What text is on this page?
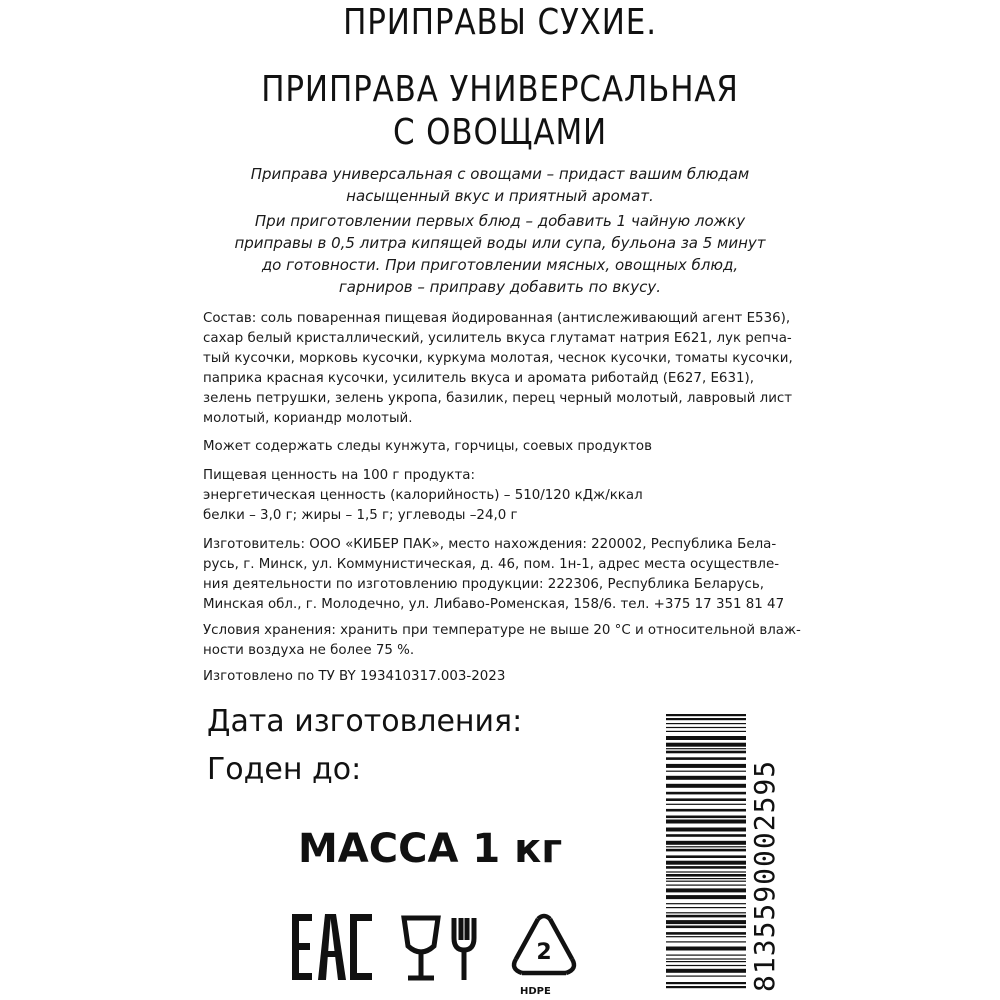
ПРИПРАВЫ СУХИЕ.
ПРИПРАВА УНИВЕРСАЛЬНАЯ
С ОВОЩАМИ

Приправа универсальная с овощами – придаст вашим блюдам
насыщенный вкус и приятный аромат.

При приготовлении первых блюд – добавить 1 чайную ложку
приправы в 0,5 литра кипящей воды или супа, бульона за 5 минут
до готовности. При приготовлении мясных, овощных блюд,
гарниров – приправу добавить по вкусу.

Состав: соль поваренная пищевая йодированная (антислеживающий агент Е536),
сахар белый кристаллический, усилитель вкуса глутамат натрия Е621, лук репча-
тый кусочки, морковь кусочки, куркума молотая, чеснок кусочки, томаты кусочки,
паприка красная кусочки, усилитель вкуса и аромата риботайд (Е627, Е631),
зелень петрушки, зелень укропа, базилик, перец черный молотый, лавровый лист
молотый, кориандр молотый.
Может содержать следы кунжута, горчицы, соевых продуктов
Пищевая ценность на 100 г продукта:
энергетическая ценность (калорийность) – 510/120 кДж/ккал
белки – 3,0 г; жиры – 1,5 г; углеводы –24,0 г
Изготовитель: ООО «КИБЕР ПАК», место нахождения: 220002, Республика Бела-
русь, г. Минск, ул. Коммунистическая, д. 46, пом. 1н-1, адрес места осуществле-
ния деятельности по изготовлению продукции: 222306, Республика Беларусь,
Минская обл., г. Молодечно, ул. Либаво-Роменская, 158/6. тел. +375 17 351 81 47
Условия хранения: хранить при температуре не выше 20 °С и относительной влаж-
ности воздуха не более 75 %.
Изготовлено по ТУ BY 193410317.003-2023
Дата изготовления:
Годен до:
МАССА 1 кг
2
HDPE	8135590002595
